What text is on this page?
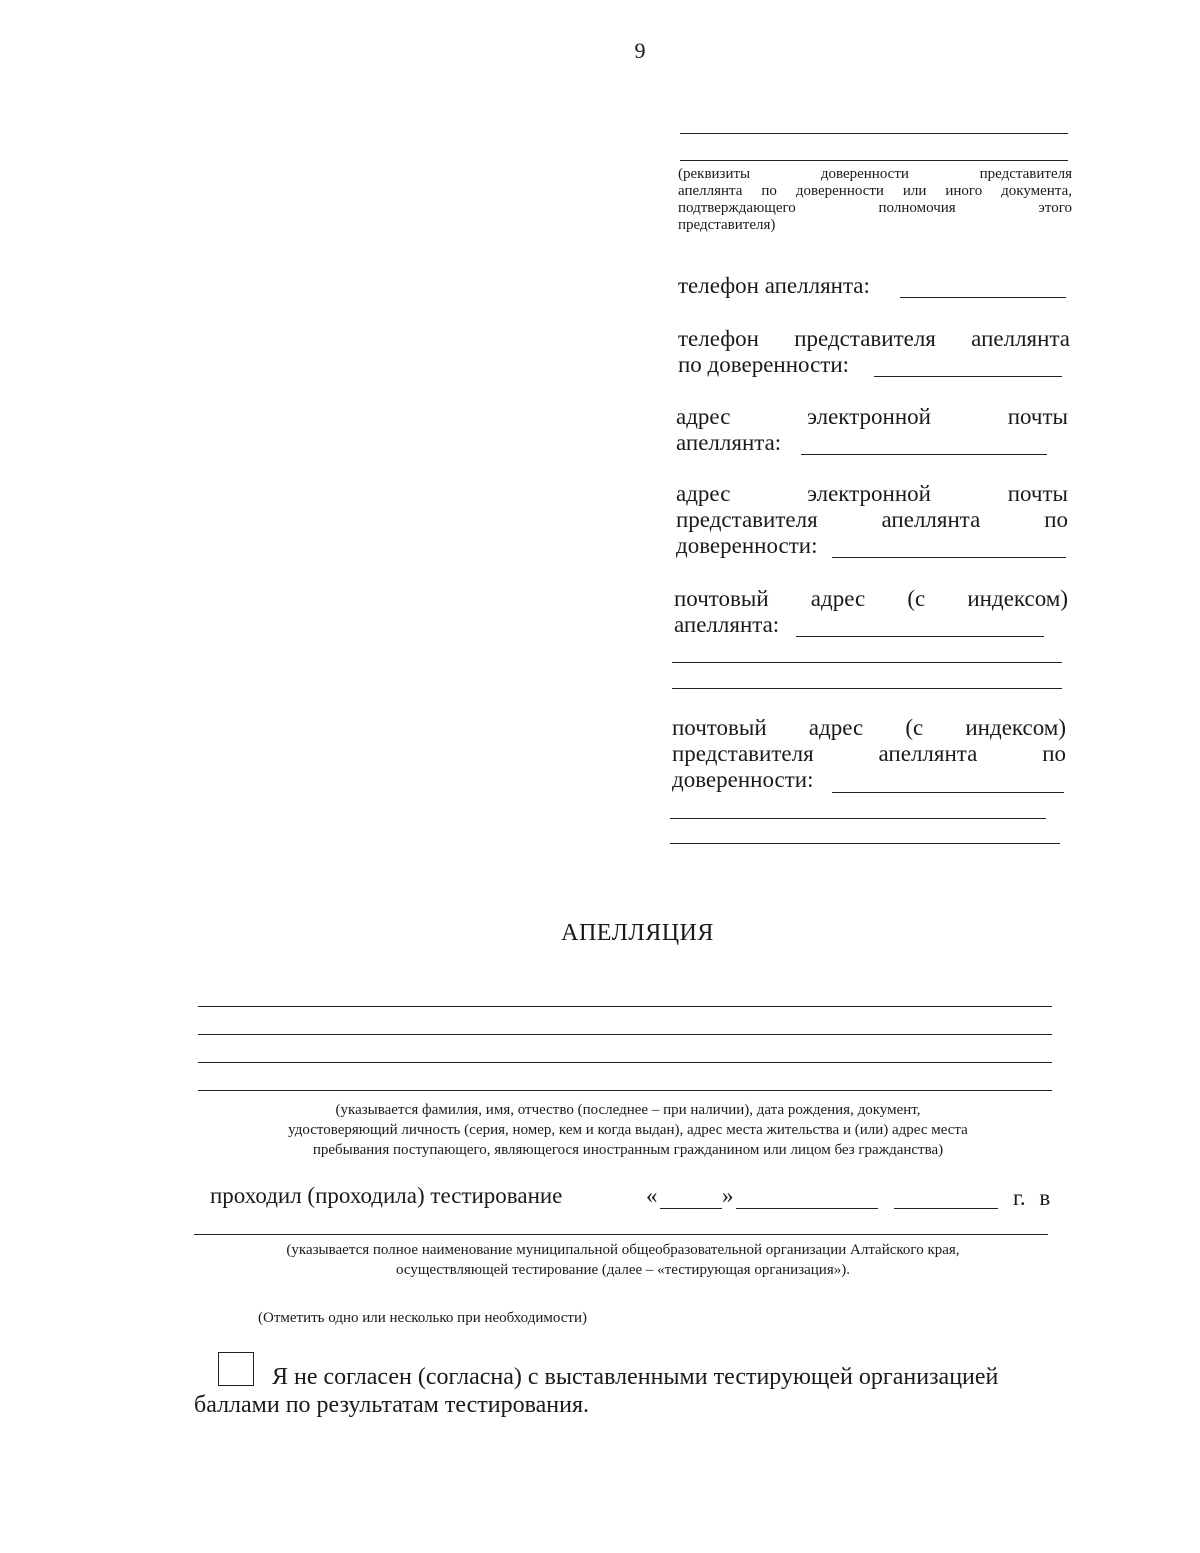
9
(реквизиты доверенности представителя
апеллянта по доверенности или иного документа,
подтверждающего полномочия этого
представителя)
телефон апеллянта:
телефон представителя апеллянта
по доверенности:
адрес электронной почты
апеллянта:
адрес электронной почты
представителя апеллянта по
доверенности:
почтовый адрес (с индексом)
апеллянта:
почтовый адрес (с индексом)
представителя апеллянта по
доверенности:
АПЕЛЛЯЦИЯ
(указывается фамилия, имя, отчество (последнее – при наличии), дата рождения, документ,
удостоверяющий личность (серия, номер, кем и когда выдан), адрес места жительства и (или) адрес места
пребывания поступающего, являющегося иностранным гражданином или лицом без гражданства)
проходил (проходила) тестирование	«	»	г. в
(указывается полное наименование муниципальной общеобразовательной организации Алтайского края,
осуществляющей тестирование (далее – «тестирующая организация»).
(Отметить одно или несколько при необходимости)
Я не согласен (согласна) с выставленными тестирующей организацией
баллами по результатам тестирования.
